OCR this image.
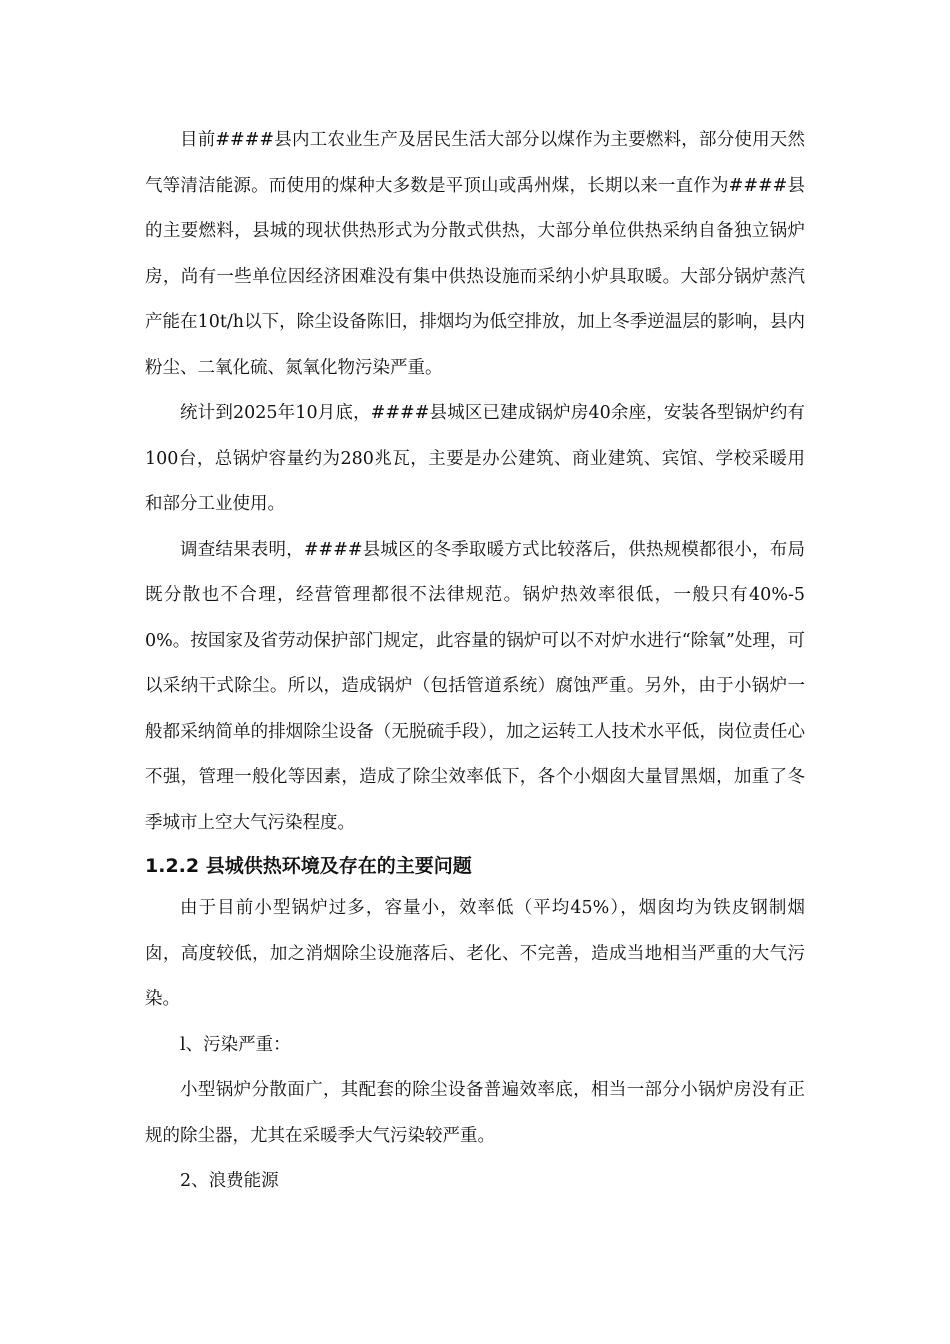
目前####县内工农业生产及居民生活大部分以煤作为主要燃料，部分使用天然气等清洁能源。而使用的煤种大多数是平顶山或禹州煤，长期以来一直作为####县的主要燃料，县城的现状供热形式为分散式供热，大部分单位供热采纳自备独立锅炉房，尚有一些单位因经济困难没有集中供热设施而采纳小炉具取暖。大部分锅炉蒸汽产能在10t/h以下，除尘设备陈旧，排烟均为低空排放，加上冬季逆温层的影响，县内粉尘、二氧化硫、氮氧化物污染严重。

统计到2025年10月底，####县城区已建成锅炉房40余座，安装各型锅炉约有100台，总锅炉容量约为280兆瓦，主要是办公建筑、商业建筑、宾馆、学校采暖用和部分工业使用。

调查结果表明，####县城区的冬季取暖方式比较落后，供热规模都很小，布局既分散也不合理，经营管理都很不法律规范。锅炉热效率很低，一般只有40%-50%。按国家及省劳动保护部门规定，此容量的锅炉可以不对炉水进行“除氧”处理，可以采纳干式除尘。所以，造成锅炉（包括管道系统）腐蚀严重。另外，由于小锅炉一般都采纳简单的排烟除尘设备（无脱硫手段），加之运转工人技术水平低，岗位责任心不强，管理一般化等因素，造成了除尘效率低下，各个小烟囱大量冒黑烟，加重了冬季城市上空大气污染程度。

1.2.2 县城供热环境及存在的主要问题

由于目前小型锅炉过多，容量小，效率低（平均45%），烟囱均为铁皮钢制烟囱，高度较低，加之消烟除尘设施落后、老化、不完善，造成当地相当严重的大气污染。

l、污染严重：

小型锅炉分散面广，其配套的除尘设备普遍效率底，相当一部分小锅炉房没有正规的除尘器，尤其在采暖季大气污染较严重。

2、浪费能源
